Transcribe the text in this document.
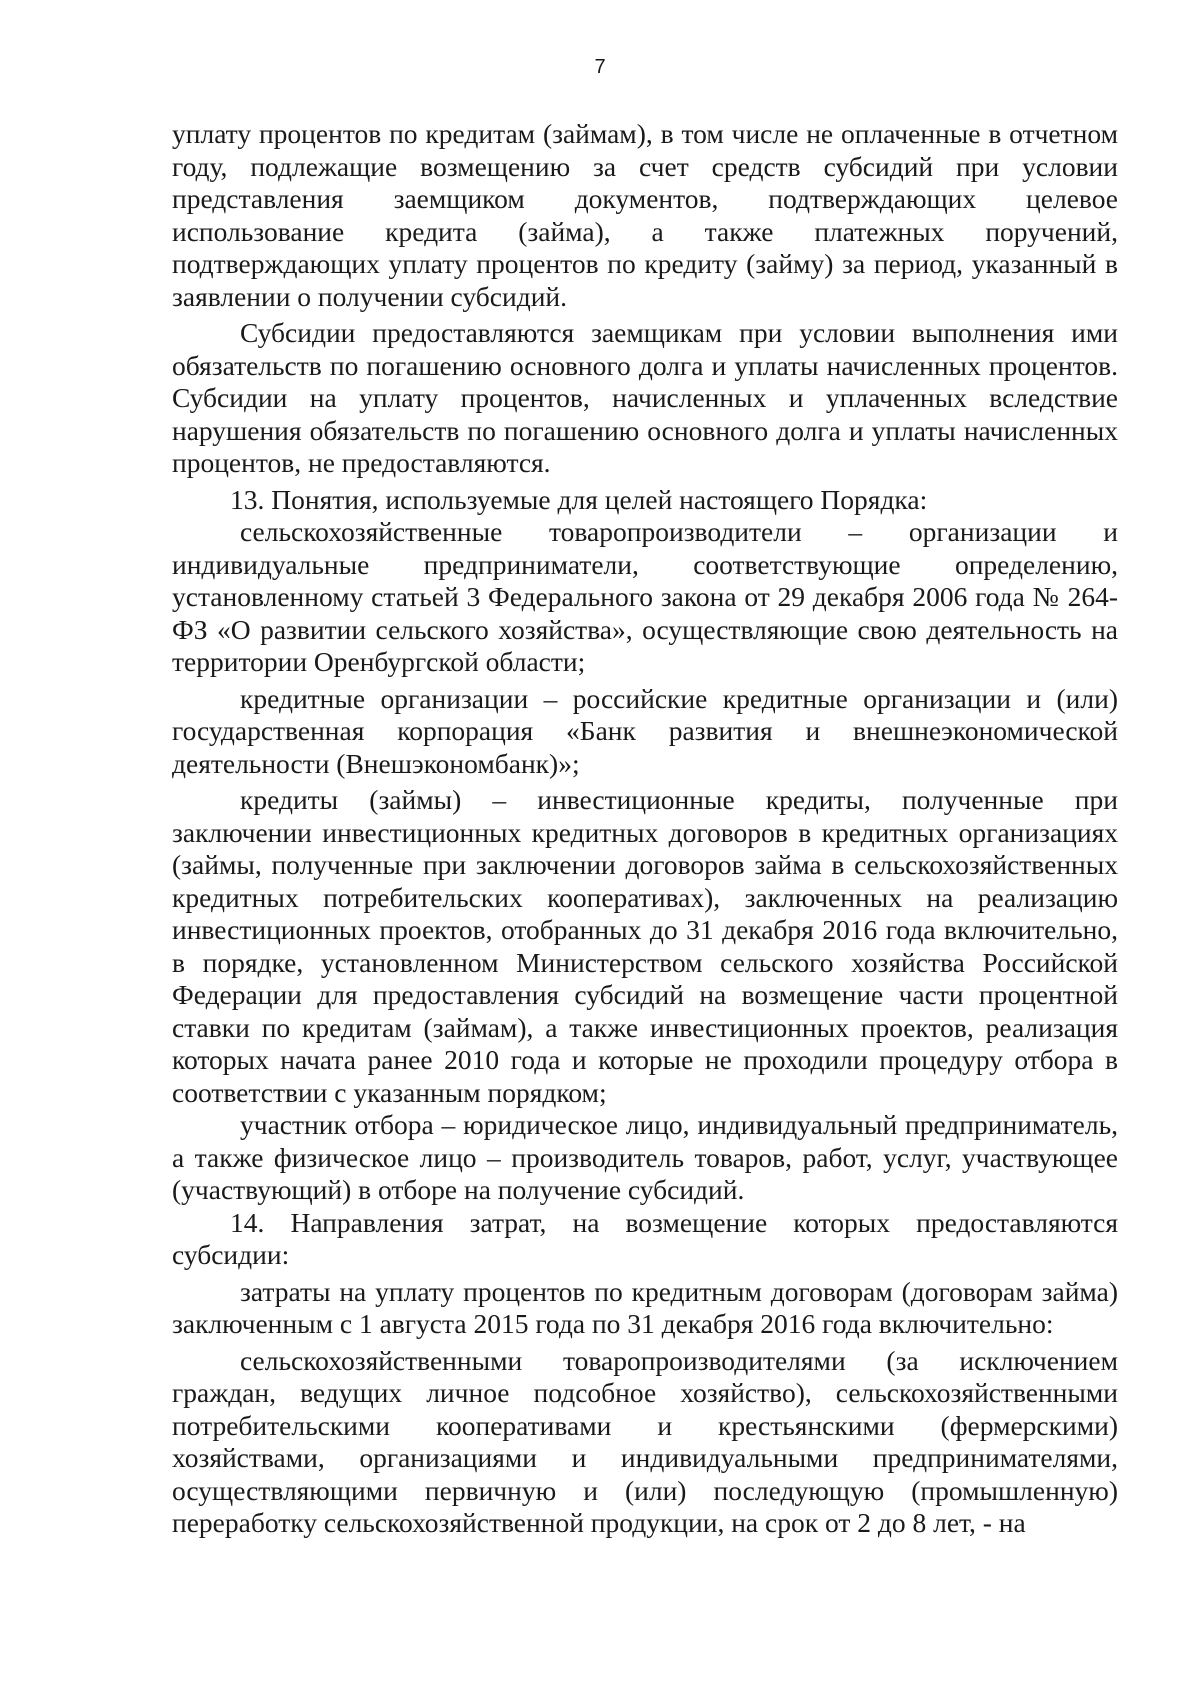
7

уплату процентов по кредитам (займам), в том числе не оплаченные в отчетном году, подлежащие возмещению за счет средств субсидий при условии представления заемщиком документов, подтверждающих целевое использование кредита (займа), а также платежных поручений, подтверждающих уплату процентов по кредиту (займу) за период, указанный в заявлении о получении субсидий.

Субсидии предоставляются заемщикам при условии выполнения ими обязательств по погашению основного долга и уплаты начисленных процентов. Субсидии на уплату процентов, начисленных и уплаченных вследствие нарушения обязательств по погашению основного долга и уплаты начисленных процентов, не предоставляются.

13. Понятия, используемые для целей настоящего Порядка:

сельскохозяйственные товаропроизводители – организации и индивидуальные предприниматели, соответствующие определению, установленному статьей 3 Федерального закона от 29 декабря 2006 года № 264-ФЗ «О развитии сельского хозяйства», осуществляющие свою деятельность на территории Оренбургской области;

кредитные организации – российские кредитные организации и (или) государственная корпорация «Банк развития и внешнеэкономической деятельности (Внешэкономбанк)»;

кредиты (займы) – инвестиционные кредиты, полученные при заключении инвестиционных кредитных договоров в кредитных организациях (займы, полученные при заключении договоров займа в сельскохозяйственных кредитных потребительских кооперативах), заключенных на реализацию инвестиционных проектов, отобранных до 31 декабря 2016 года включительно, в порядке, установленном Министерством сельского хозяйства Российской Федерации для предоставления субсидий на возмещение части процентной ставки по кредитам (займам), а также инвестиционных проектов, реализация которых начата ранее 2010 года и которые не проходили процедуру отбора в соответствии с указанным порядком;

участник отбора – юридическое лицо, индивидуальный предприниматель, а также физическое лицо – производитель товаров, работ, услуг, участвующее (участвующий) в отборе на получение субсидий.

14. Направления затрат, на возмещение которых предоставляются субсидии:

затраты на уплату процентов по кредитным договорам (договорам займа) заключенным с 1 августа 2015 года по 31 декабря 2016 года включительно:

сельскохозяйственными товаропроизводителями (за исключением граждан, ведущих личное подсобное хозяйство), сельскохозяйственными потребительскими кооперативами и крестьянскими (фермерскими) хозяйствами, организациями и индивидуальными предпринимателями, осуществляющими первичную и (или) последующую (промышленную) переработку сельскохозяйственной продукции, на срок от 2 до 8 лет, - на
